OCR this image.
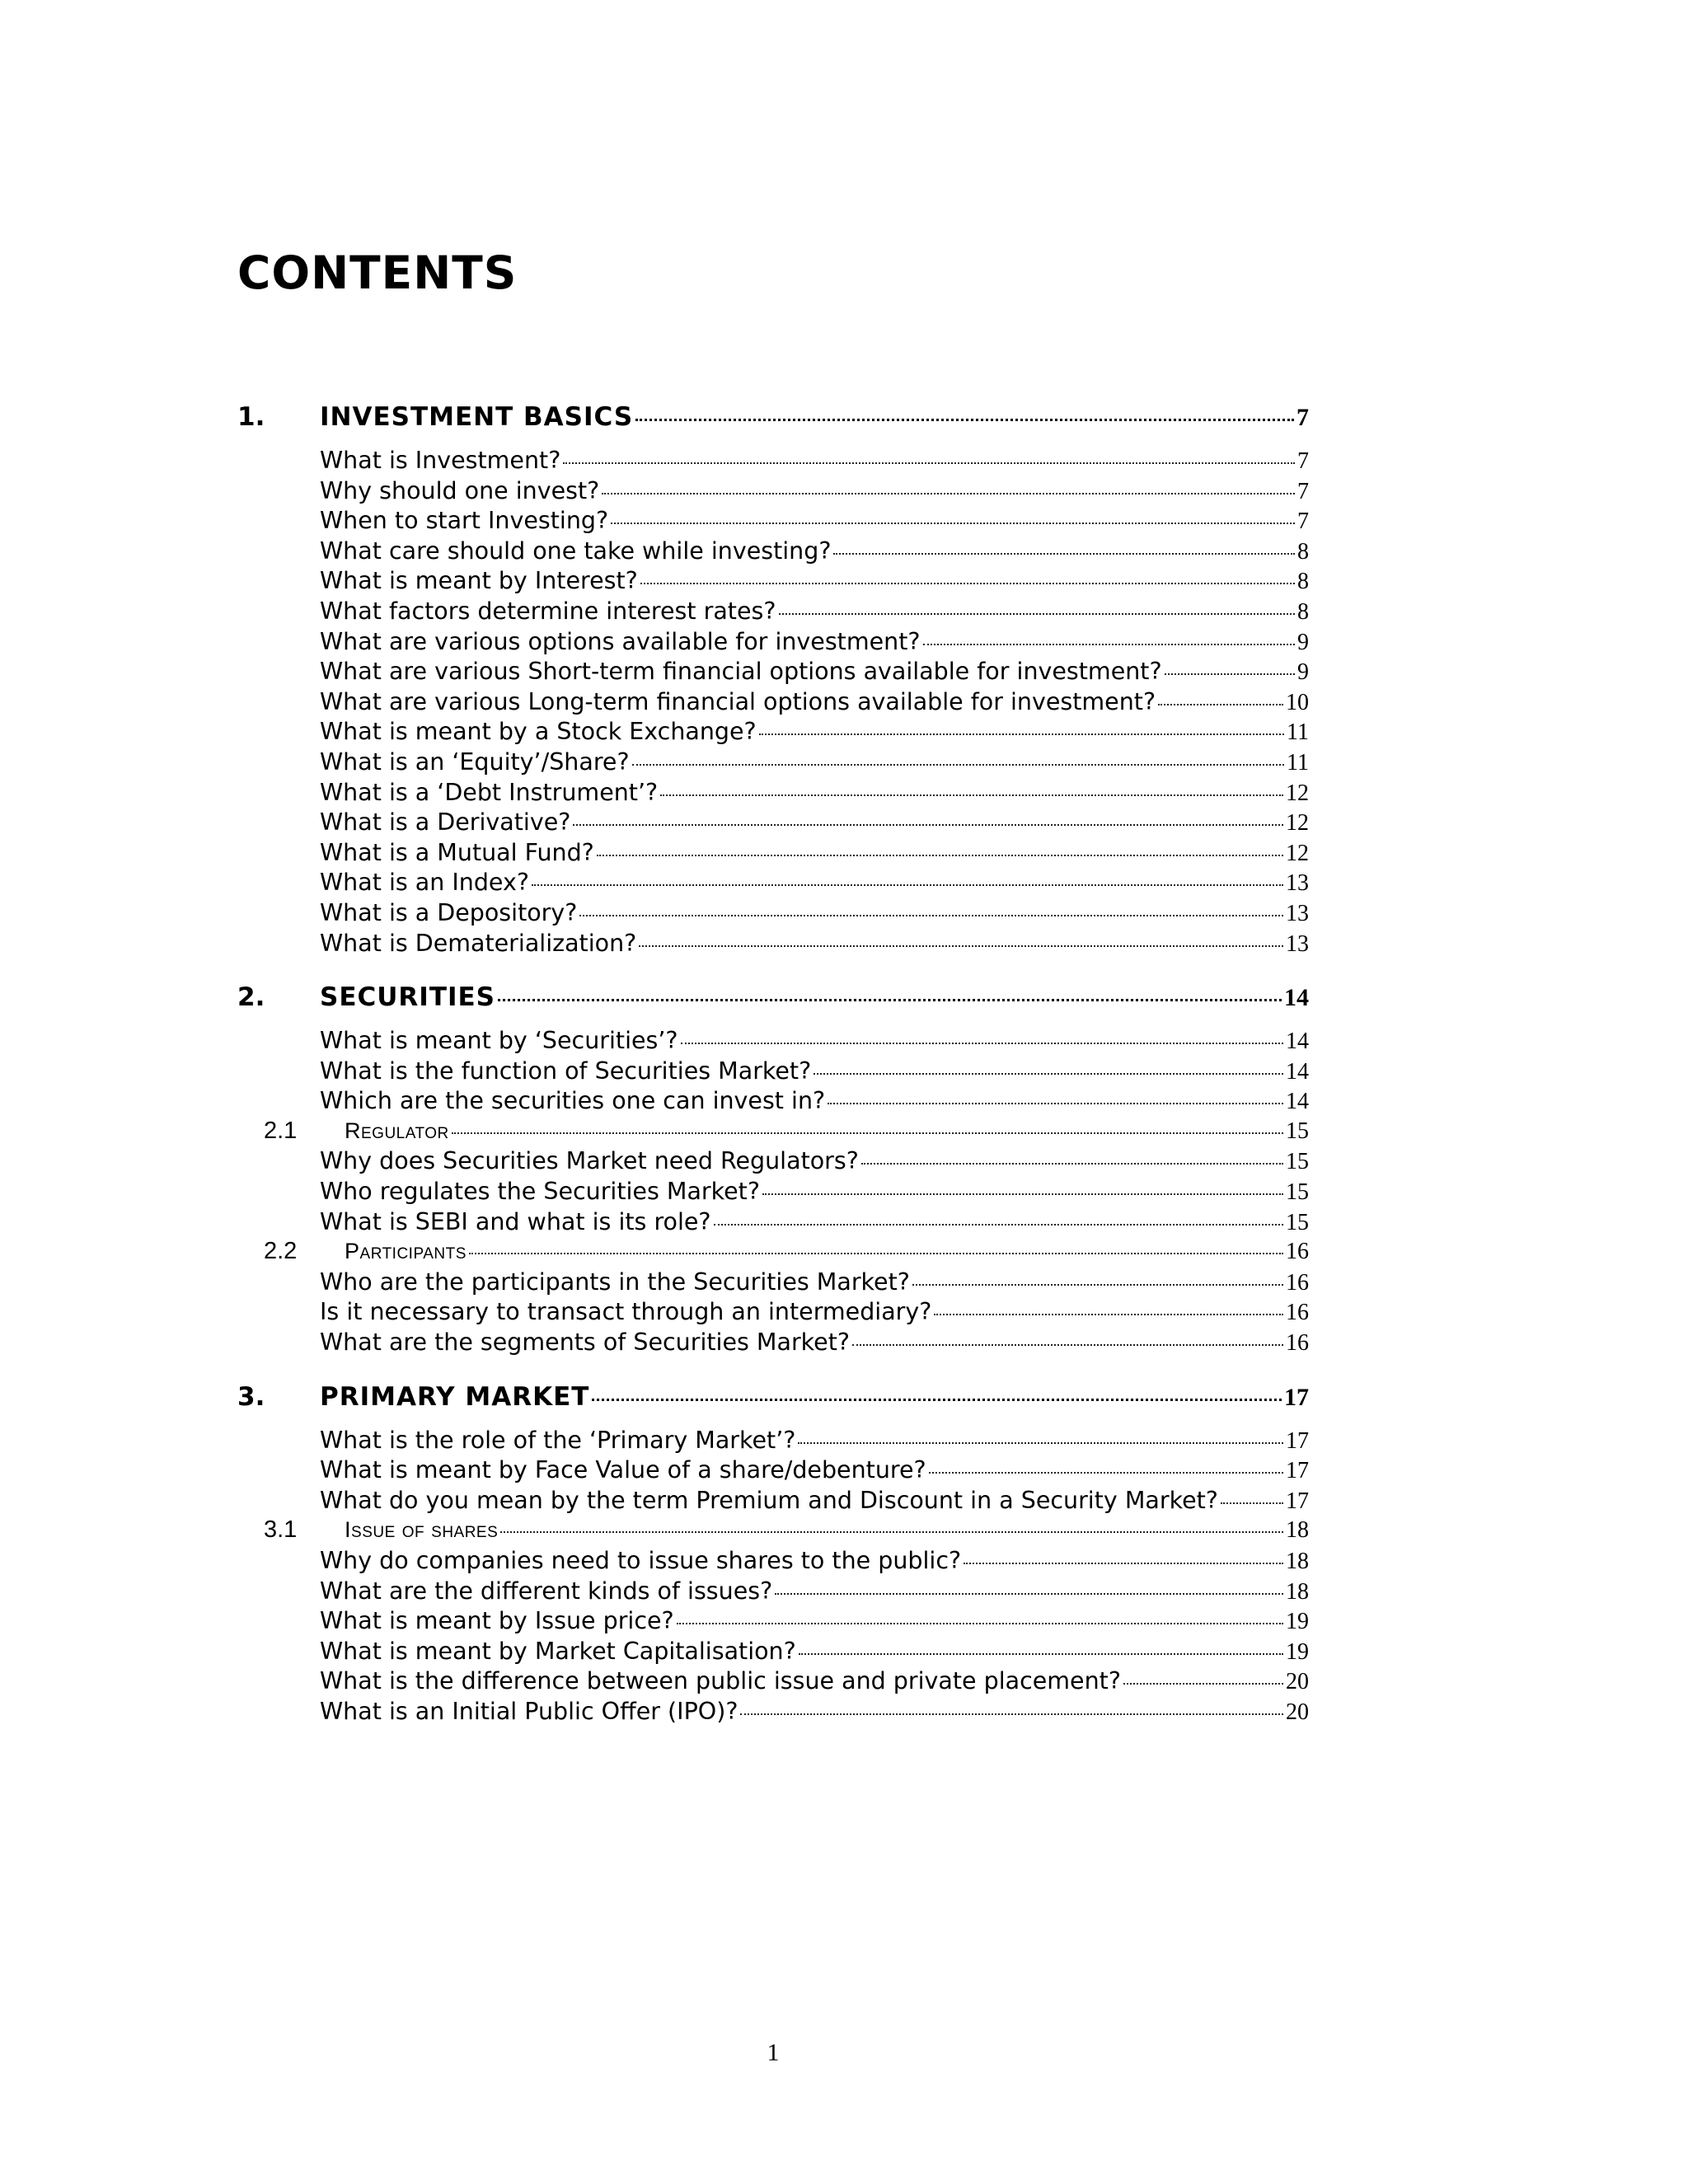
CONTENTS
1.	INVESTMENT BASICS	7
What is Investment?	7
Why should one invest?	7
When to start Investing?	7
What care should one take while investing?	8
What is meant by Interest?	8
What factors determine interest rates?	8
What are various options available for investment?	9
What are various Short-term financial options available for investment?	9
What are various Long-term financial options available for investment?	10
What is meant by a Stock Exchange?	11
What is an ‘Equity’/Share?	11
What is a ‘Debt Instrument’?	12
What is a Derivative?	12
What is a Mutual Fund?	12
What is an Index?	13
What is a Depository?	13
What is Dematerialization?	13
2.	SECURITIES	14
What is meant by ‘Securities’?	14
What is the function of Securities Market?	14
Which are the securities one can invest in?	14
2.1	regulator	15
Why does Securities Market need Regulators?	15
Who regulates the Securities Market?	15
What is SEBI and what is its role?	15
2.2	participants	16
Who are the participants in the Securities Market?	16
Is it necessary to transact through an intermediary?	16
What are the segments of Securities Market?	16
3.	PRIMARY MARKET	17
What is the role of the ‘Primary Market’?	17
What is meant by Face Value of a share/debenture?	17
What do you mean by the term Premium and Discount in a Security Market?	17
3.1	issue of shares	18
Why do companies need to issue shares to the public?	18
What are the different kinds of issues?	18
What is meant by Issue price?	19
What is meant by Market Capitalisation?	19
What is the difference between public issue and private placement?	20
What is an Initial Public Offer (IPO)?	20
1
